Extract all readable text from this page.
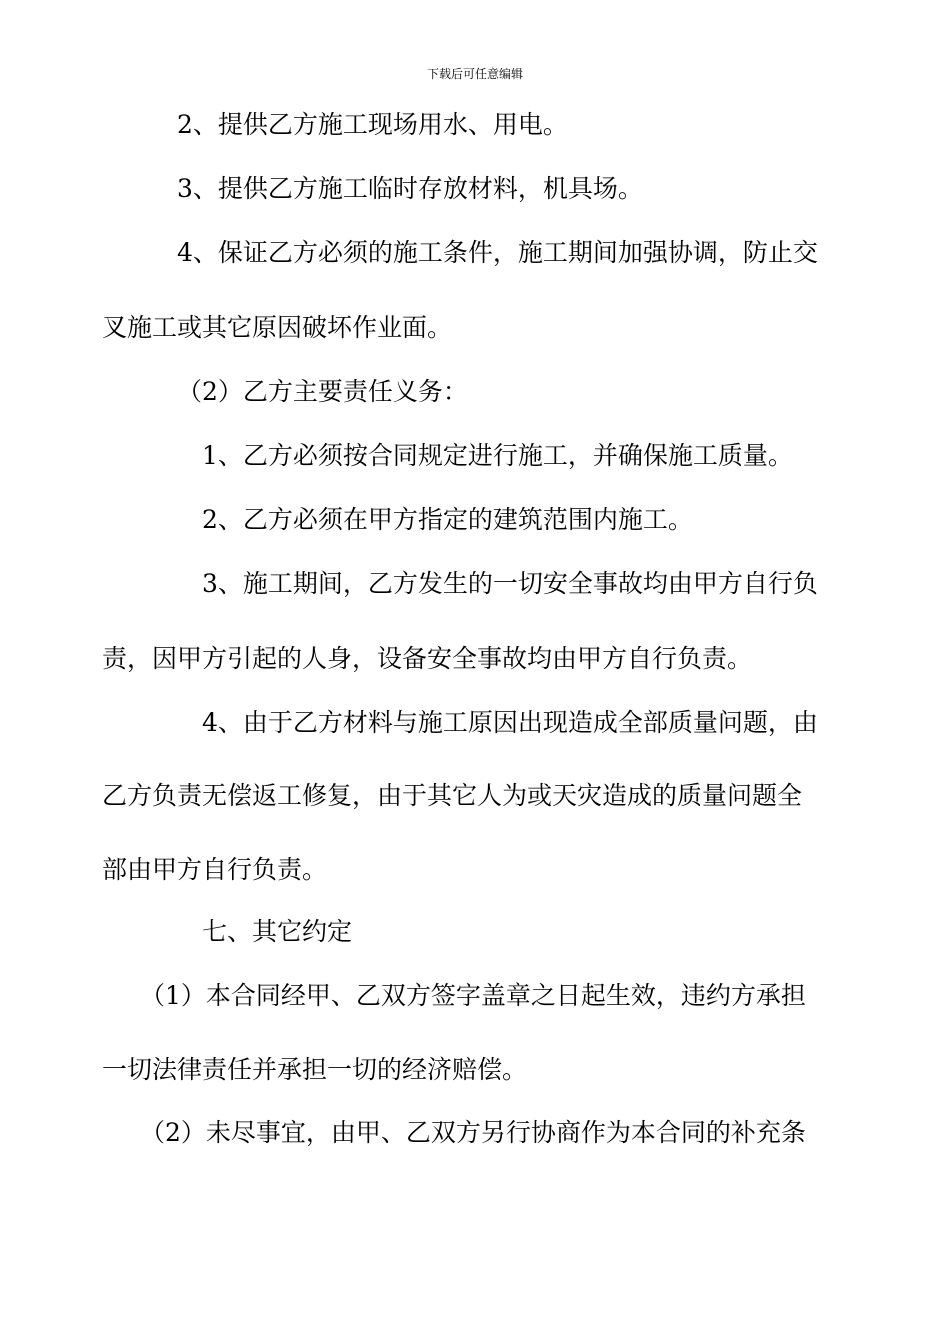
下载后可任意编辑
2、提供乙方施工现场用水、用电。
3、提供乙方施工临时存放材料，机具场。
4、保证乙方必须的施工条件，施工期间加强协调，防止交
叉施工或其它原因破坏作业面。
（2）乙方主要责任义务：
1、乙方必须按合同规定进行施工，并确保施工质量。
2、乙方必须在甲方指定的建筑范围内施工。
3、施工期间，乙方发生的一切安全事故均由甲方自行负
责，因甲方引起的人身，设备安全事故均由甲方自行负责。
4、由于乙方材料与施工原因出现造成全部质量问题，由
乙方负责无偿返工修复，由于其它人为或天灾造成的质量问题全
部由甲方自行负责。
七、其它约定
（1）本合同经甲、乙双方签字盖章之日起生效，违约方承担
一切法律责任并承担一切的经济赔偿。
（2）未尽事宜，由甲、乙双方另行协商作为本合同的补充条
